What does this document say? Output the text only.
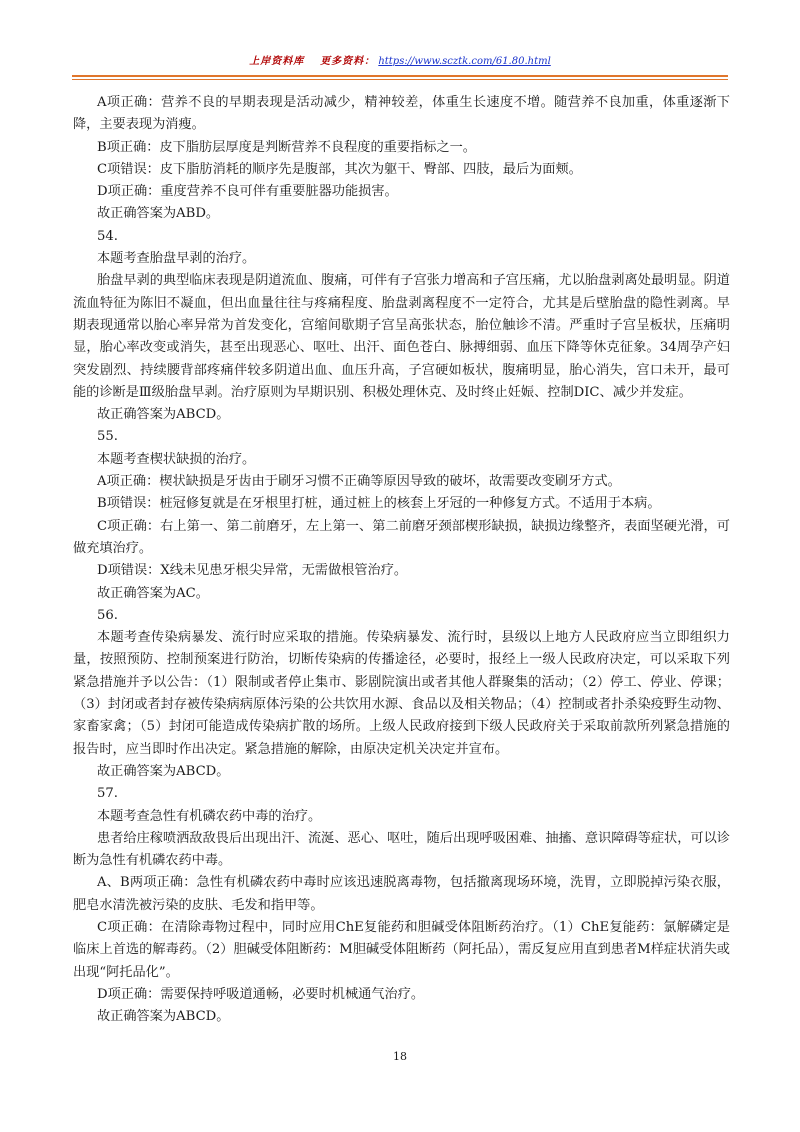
上岸资料库 更多资料： https://www.scztk.com/61.80.html

A项正确：营养不良的早期表现是活动减少，精神较差，体重生长速度不增。随营养不良加重，体重逐渐下降，主要表现为消瘦。

B项正确：皮下脂肪层厚度是判断营养不良程度的重要指标之一。

C项错误：皮下脂肪消耗的顺序先是腹部，其次为躯干、臀部、四肢，最后为面颊。

D项正确：重度营养不良可伴有重要脏器功能损害。

故正确答案为ABD。

54.

本题考查胎盘早剥的治疗。

胎盘早剥的典型临床表现是阴道流血、腹痛，可伴有子宫张力增高和子宫压痛，尤以胎盘剥离处最明显。阴道流血特征为陈旧不凝血，但出血量往往与疼痛程度、胎盘剥离程度不一定符合，尤其是后壁胎盘的隐性剥离。早期表现通常以胎心率异常为首发变化，宫缩间歇期子宫呈高张状态，胎位触诊不清。严重时子宫呈板状，压痛明显，胎心率改变或消失，甚至出现恶心、呕吐、出汗、面色苍白、脉搏细弱、血压下降等休克征象。34周孕产妇突发剧烈、持续腰背部疼痛伴较多阴道出血、血压升高，子宫硬如板状，腹痛明显，胎心消失，宫口未开，最可能的诊断是Ⅲ级胎盘早剥。治疗原则为早期识别、积极处理休克、及时终止妊娠、控制DIC、减少并发症。

故正确答案为ABCD。

55.

本题考查楔状缺损的治疗。

A项正确：楔状缺损是牙齿由于刷牙习惯不正确等原因导致的破坏，故需要改变刷牙方式。

B项错误：桩冠修复就是在牙根里打桩，通过桩上的核套上牙冠的一种修复方式。不适用于本病。

C项正确：右上第一、第二前磨牙，左上第一、第二前磨牙颈部楔形缺损，缺损边缘整齐，表面坚硬光滑，可做充填治疗。

D项错误：X线未见患牙根尖异常，无需做根管治疗。

故正确答案为AC。

56.

本题考查传染病暴发、流行时应采取的措施。传染病暴发、流行时，县级以上地方人民政府应当立即组织力量，按照预防、控制预案进行防治，切断传染病的传播途径，必要时，报经上一级人民政府决定，可以采取下列紧急措施并予以公告：（1）限制或者停止集市、影剧院演出或者其他人群聚集的活动；（2）停工、停业、停课；（3）封闭或者封存被传染病病原体污染的公共饮用水源、食品以及相关物品；（4）控制或者扑杀染疫野生动物、家畜家禽；（5）封闭可能造成传染病扩散的场所。上级人民政府接到下级人民政府关于采取前款所列紧急措施的报告时，应当即时作出决定。紧急措施的解除，由原决定机关决定并宣布。

故正确答案为ABCD。

57.

本题考查急性有机磷农药中毒的治疗。

患者给庄稼喷洒敌敌畏后出现出汗、流涎、恶心、呕吐，随后出现呼吸困难、抽搐、意识障碍等症状，可以诊断为急性有机磷农药中毒。

A、B两项正确：急性有机磷农药中毒时应该迅速脱离毒物，包括撤离现场环境，洗胃，立即脱掉污染衣服，肥皂水清洗被污染的皮肤、毛发和指甲等。

C项正确：在清除毒物过程中，同时应用ChE复能药和胆碱受体阻断药治疗。（1）ChE复能药：氯解磷定是临床上首选的解毒药。（2）胆碱受体阻断药：M胆碱受体阻断药（阿托品），需反复应用直到患者M样症状消失或出现“阿托品化”。

D项正确：需要保持呼吸道通畅，必要时机械通气治疗。

故正确答案为ABCD。

18
